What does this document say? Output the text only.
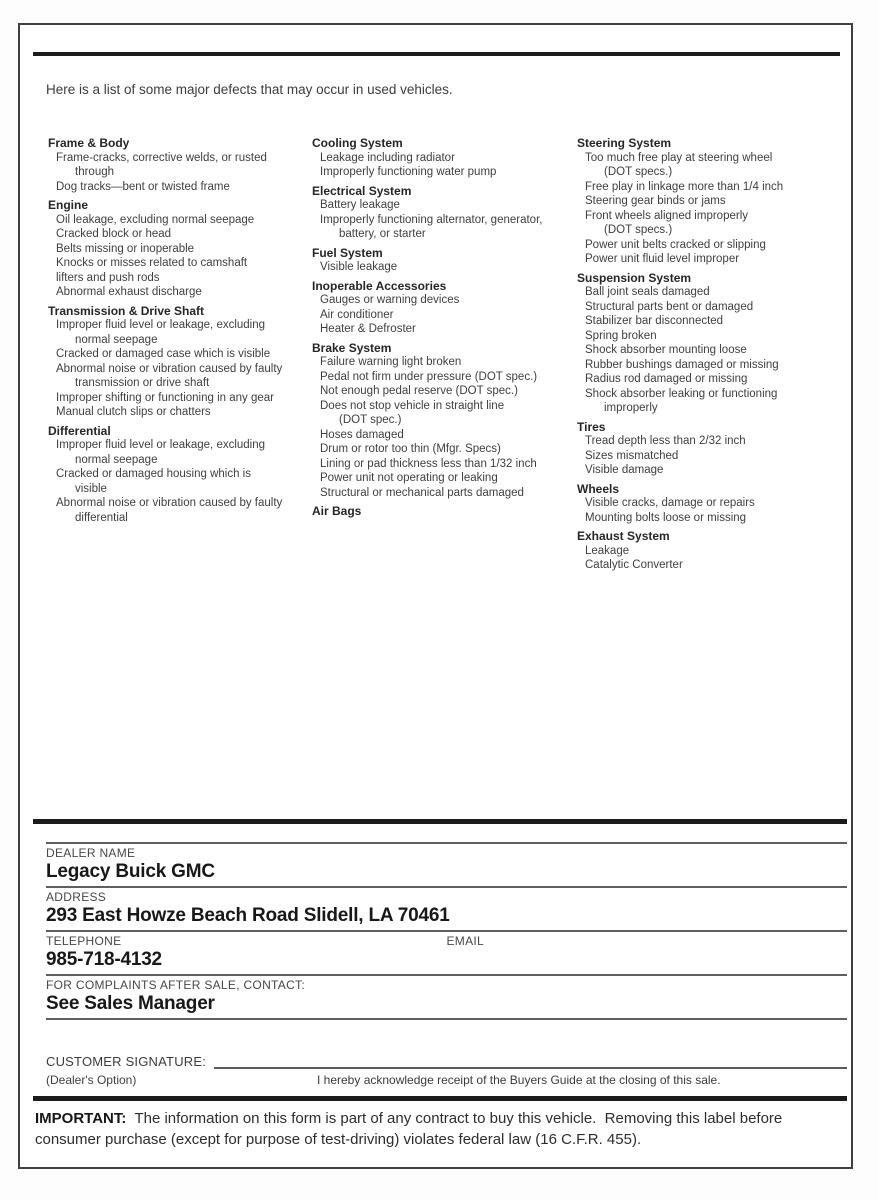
Here is a list of some major defects that may occur in used vehicles.
Frame & Body
Frame-cracks, corrective welds, or rusted
through
Dog tracks—bent or twisted frame
Engine
Oil leakage, excluding normal seepage
Cracked block or head
Belts missing or inoperable
Knocks or misses related to camshaft
lifters and push rods
Abnormal exhaust discharge
Transmission & Drive Shaft
Improper fluid level or leakage, excluding
normal seepage
Cracked or damaged case which is visible
Abnormal noise or vibration caused by faulty
transmission or drive shaft
Improper shifting or functioning in any gear
Manual clutch slips or chatters
Differential
Improper fluid level or leakage, excluding
normal seepage
Cracked or damaged housing which is
visible
Abnormal noise or vibration caused by faulty
differential
Cooling System
Leakage including radiator
Improperly functioning water pump
Electrical System
Battery leakage
Improperly functioning alternator, generator,
battery, or starter
Fuel System
Visible leakage
Inoperable Accessories
Gauges or warning devices
Air conditioner
Heater & Defroster
Brake System
Failure warning light broken
Pedal not firm under pressure (DOT spec.)
Not enough pedal reserve (DOT spec.)
Does not stop vehicle in straight line
(DOT spec.)
Hoses damaged
Drum or rotor too thin (Mfgr. Specs)
Lining or pad thickness less than 1/32 inch
Power unit not operating or leaking
Structural or mechanical parts damaged
Air Bags
Steering System
Too much free play at steering wheel
(DOT specs.)
Free play in linkage more than 1/4 inch
Steering gear binds or jams
Front wheels aligned improperly
(DOT specs.)
Power unit belts cracked or slipping
Power unit fluid level improper
Suspension System
Ball joint seals damaged
Structural parts bent or damaged
Stabilizer bar disconnected
Spring broken
Shock absorber mounting loose
Rubber bushings damaged or missing
Radius rod damaged or missing
Shock absorber leaking or functioning
improperly
Tires
Tread depth less than 2/32 inch
Sizes mismatched
Visible damage
Wheels
Visible cracks, damage or repairs
Mounting bolts loose or missing
Exhaust System
Leakage
Catalytic Converter
DEALER NAME
Legacy Buick GMC
ADDRESS
293 East Howze Beach Road Slidell, LA 70461
TELEPHONE
985-718-4132
EMAIL
FOR COMPLAINTS AFTER SALE, CONTACT:
See Sales Manager
CUSTOMER SIGNATURE:
(Dealer's Option)	I hereby acknowledge receipt of the Buyers Guide at the closing of this sale.
IMPORTANT:  The information on this form is part of any contract to buy this vehicle.  Removing this label before consumer purchase (except for purpose of test-driving) violates federal law (16 C.F.R. 455).
